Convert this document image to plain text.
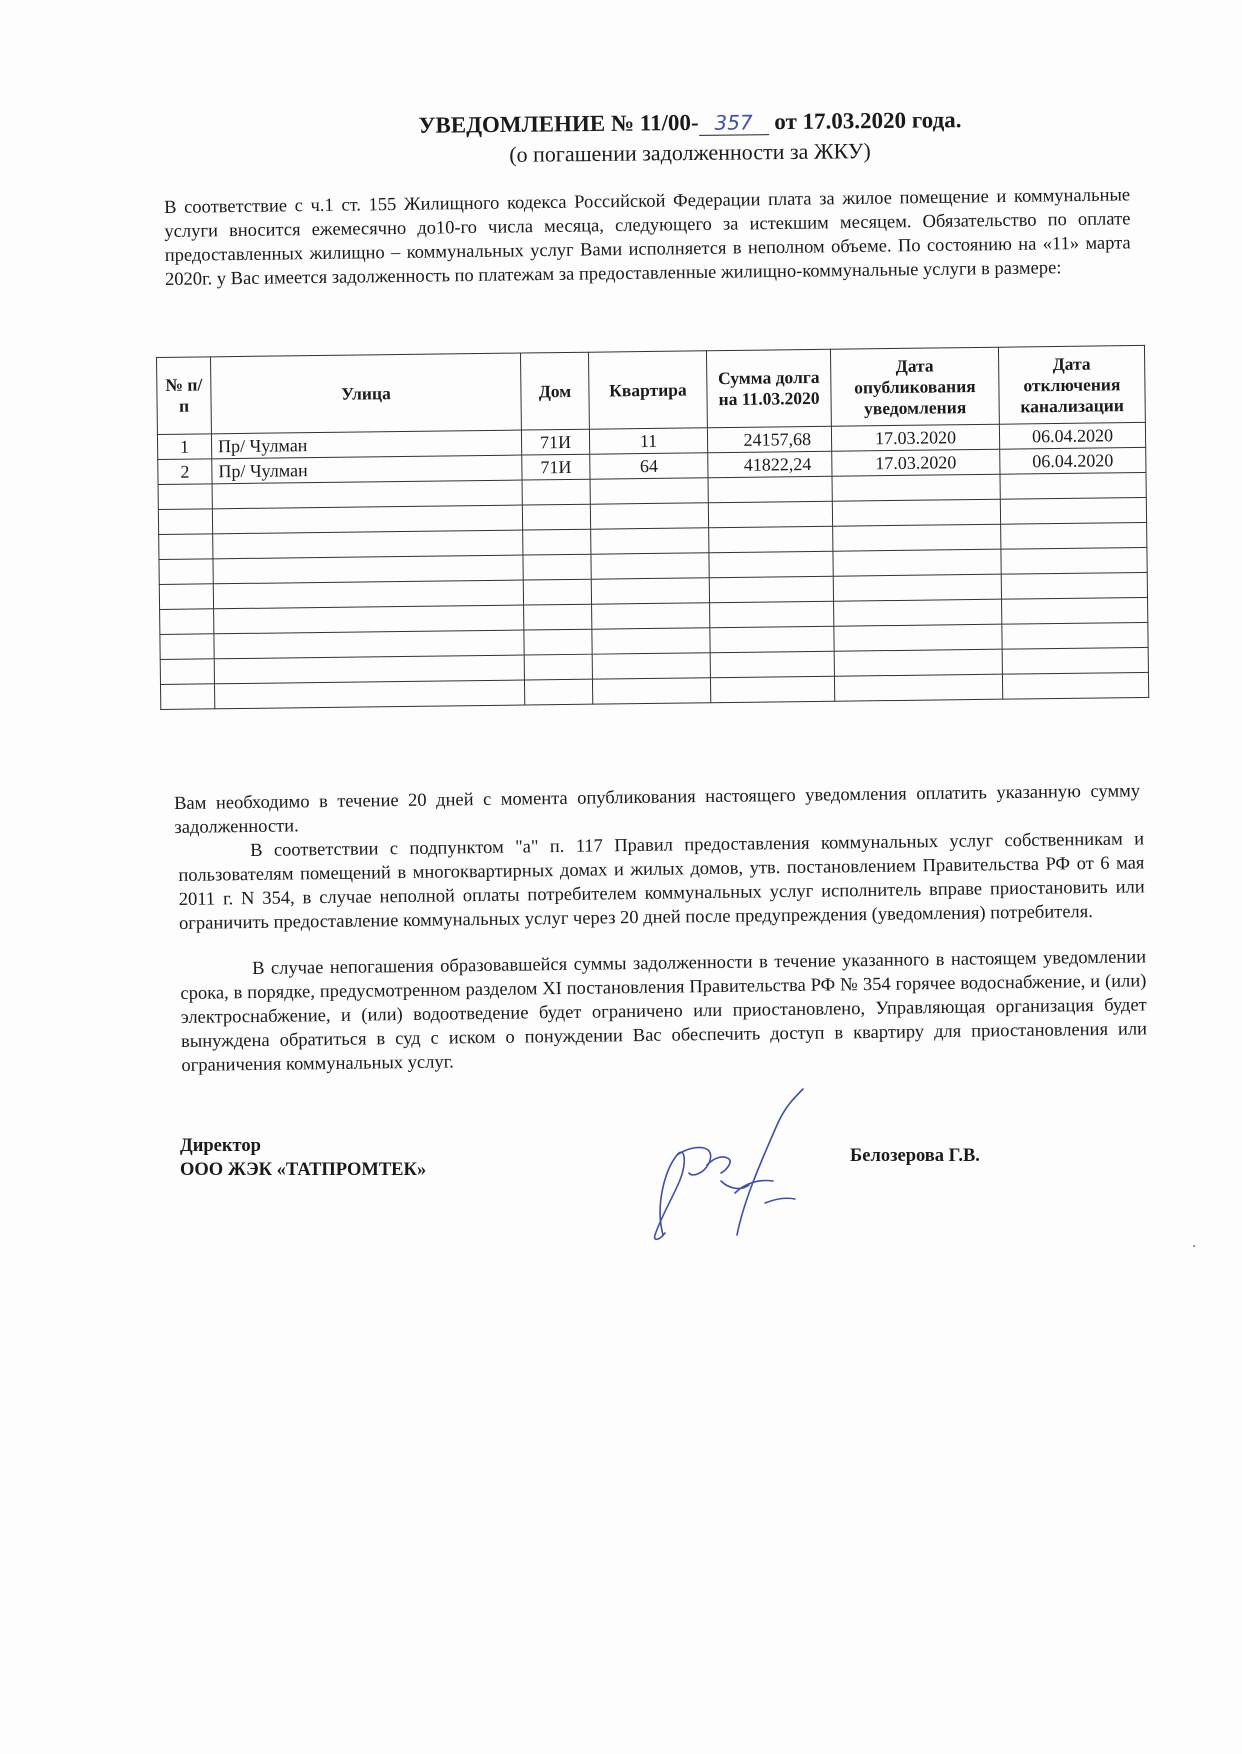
УВЕДОМЛЕНИЕ № 11/00- 357 от 17.03.2020 года.
(о погашении задолженности за ЖКУ)
В соответствие с ч.1 ст. 155 Жилищного кодекса Российской Федерации плата за жилое помещение и коммунальные услуги вносится ежемесячно до10-го числа месяца, следующего за истекшим месяцем. Обязательство по оплате предоставленных жилищно – коммунальных услуг Вами исполняется в неполном объеме. По состоянию на «11» марта 2020г. у Вас имеется задолженность по платежам за предоставленные жилищно-коммунальные услуги в размере:
№ п/п	Улица	Дом	Квартира	Сумма долга на 11.03.2020	Дата опубликования уведомления	Дата отключения канализации
1	Пр/ Чулман	71И	11	24157,68	17.03.2020	06.04.2020
2	Пр/ Чулман	71И	64	41822,24	17.03.2020	06.04.2020

Вам необходимо в течение 20 дней с момента опубликования настоящего уведомления оплатить указанную сумму задолженности.
В соответствии с подпунктом "а" п. 117 Правил предоставления коммунальных услуг собственникам и пользователям помещений в многоквартирных домах и жилых домов, утв. постановлением Правительства РФ от 6 мая 2011 г. N 354, в случае неполной оплаты потребителем коммунальных услуг исполнитель вправе приостановить или ограничить предоставление коммунальных услуг через 20 дней после предупреждения (уведомления) потребителя.
В случае непогашения образовавшейся суммы задолженности в течение указанного в настоящем уведомлении срока, в порядке, предусмотренном разделом XI постановления Правительства РФ № 354 горячее водоснабжение, и (или) электроснабжение, и (или) водоотведение будет ограничено или приостановлено, Управляющая организация будет вынуждена обратиться в суд с иском о понуждении Вас обеспечить доступ в квартиру для приостановления или ограничения коммунальных услуг.
Директор
ООО ЖЭК «ТАТПРОМТЕК»
Белозерова Г.В.
